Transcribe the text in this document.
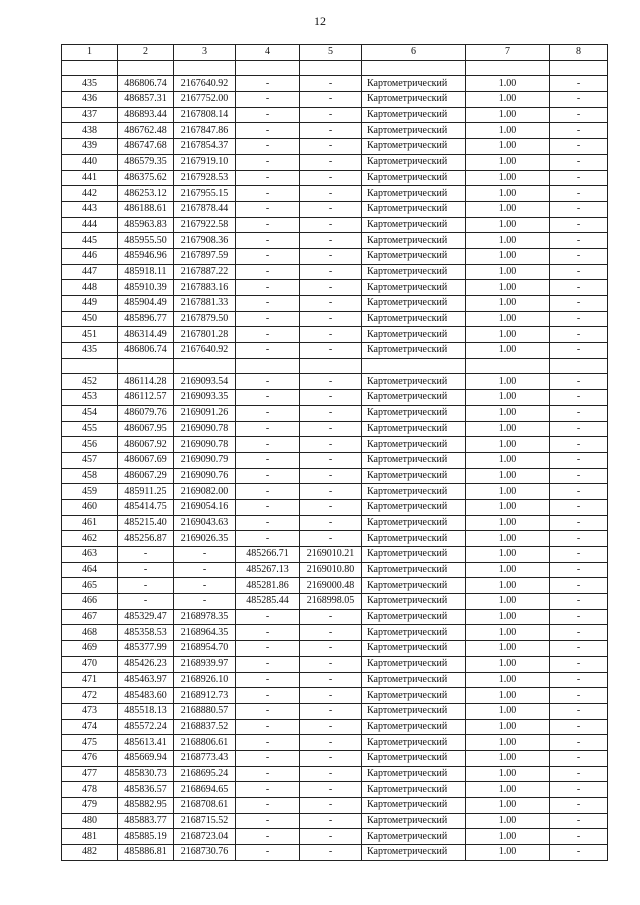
12
1	2	3	4	5	6	7	8

435	486806.74	2167640.92	-	-	Картометрический	1.00	-
436	486857.31	2167752.00	-	-	Картометрический	1.00	-
437	486893.44	2167808.14	-	-	Картометрический	1.00	-
438	486762.48	2167847.86	-	-	Картометрический	1.00	-
439	486747.68	2167854.37	-	-	Картометрический	1.00	-
440	486579.35	2167919.10	-	-	Картометрический	1.00	-
441	486375.62	2167928.53	-	-	Картометрический	1.00	-
442	486253.12	2167955.15	-	-	Картометрический	1.00	-
443	486188.61	2167878.44	-	-	Картометрический	1.00	-
444	485963.83	2167922.58	-	-	Картометрический	1.00	-
445	485955.50	2167908.36	-	-	Картометрический	1.00	-
446	485946.96	2167897.59	-	-	Картометрический	1.00	-
447	485918.11	2167887.22	-	-	Картометрический	1.00	-
448	485910.39	2167883.16	-	-	Картометрический	1.00	-
449	485904.49	2167881.33	-	-	Картометрический	1.00	-
450	485896.77	2167879.50	-	-	Картометрический	1.00	-
451	486314.49	2167801.28	-	-	Картометрический	1.00	-
435	486806.74	2167640.92	-	-	Картометрический	1.00	-

452	486114.28	2169093.54	-	-	Картометрический	1.00	-
453	486112.57	2169093.35	-	-	Картометрический	1.00	-
454	486079.76	2169091.26	-	-	Картометрический	1.00	-
455	486067.95	2169090.78	-	-	Картометрический	1.00	-
456	486067.92	2169090.78	-	-	Картометрический	1.00	-
457	486067.69	2169090.79	-	-	Картометрический	1.00	-
458	486067.29	2169090.76	-	-	Картометрический	1.00	-
459	485911.25	2169082.00	-	-	Картометрический	1.00	-
460	485414.75	2169054.16	-	-	Картометрический	1.00	-
461	485215.40	2169043.63	-	-	Картометрический	1.00	-
462	485256.87	2169026.35	-	-	Картометрический	1.00	-
463	-	-	485266.71	2169010.21	Картометрический	1.00	-
464	-	-	485267.13	2169010.80	Картометрический	1.00	-
465	-	-	485281.86	2169000.48	Картометрический	1.00	-
466	-	-	485285.44	2168998.05	Картометрический	1.00	-
467	485329.47	2168978.35	-	-	Картометрический	1.00	-
468	485358.53	2168964.35	-	-	Картометрический	1.00	-
469	485377.99	2168954.70	-	-	Картометрический	1.00	-
470	485426.23	2168939.97	-	-	Картометрический	1.00	-
471	485463.97	2168926.10	-	-	Картометрический	1.00	-
472	485483.60	2168912.73	-	-	Картометрический	1.00	-
473	485518.13	2168880.57	-	-	Картометрический	1.00	-
474	485572.24	2168837.52	-	-	Картометрический	1.00	-
475	485613.41	2168806.61	-	-	Картометрический	1.00	-
476	485669.94	2168773.43	-	-	Картометрический	1.00	-
477	485830.73	2168695.24	-	-	Картометрический	1.00	-
478	485836.57	2168694.65	-	-	Картометрический	1.00	-
479	485882.95	2168708.61	-	-	Картометрический	1.00	-
480	485883.77	2168715.52	-	-	Картометрический	1.00	-
481	485885.19	2168723.04	-	-	Картометрический	1.00	-
482	485886.81	2168730.76	-	-	Картометрический	1.00	-
